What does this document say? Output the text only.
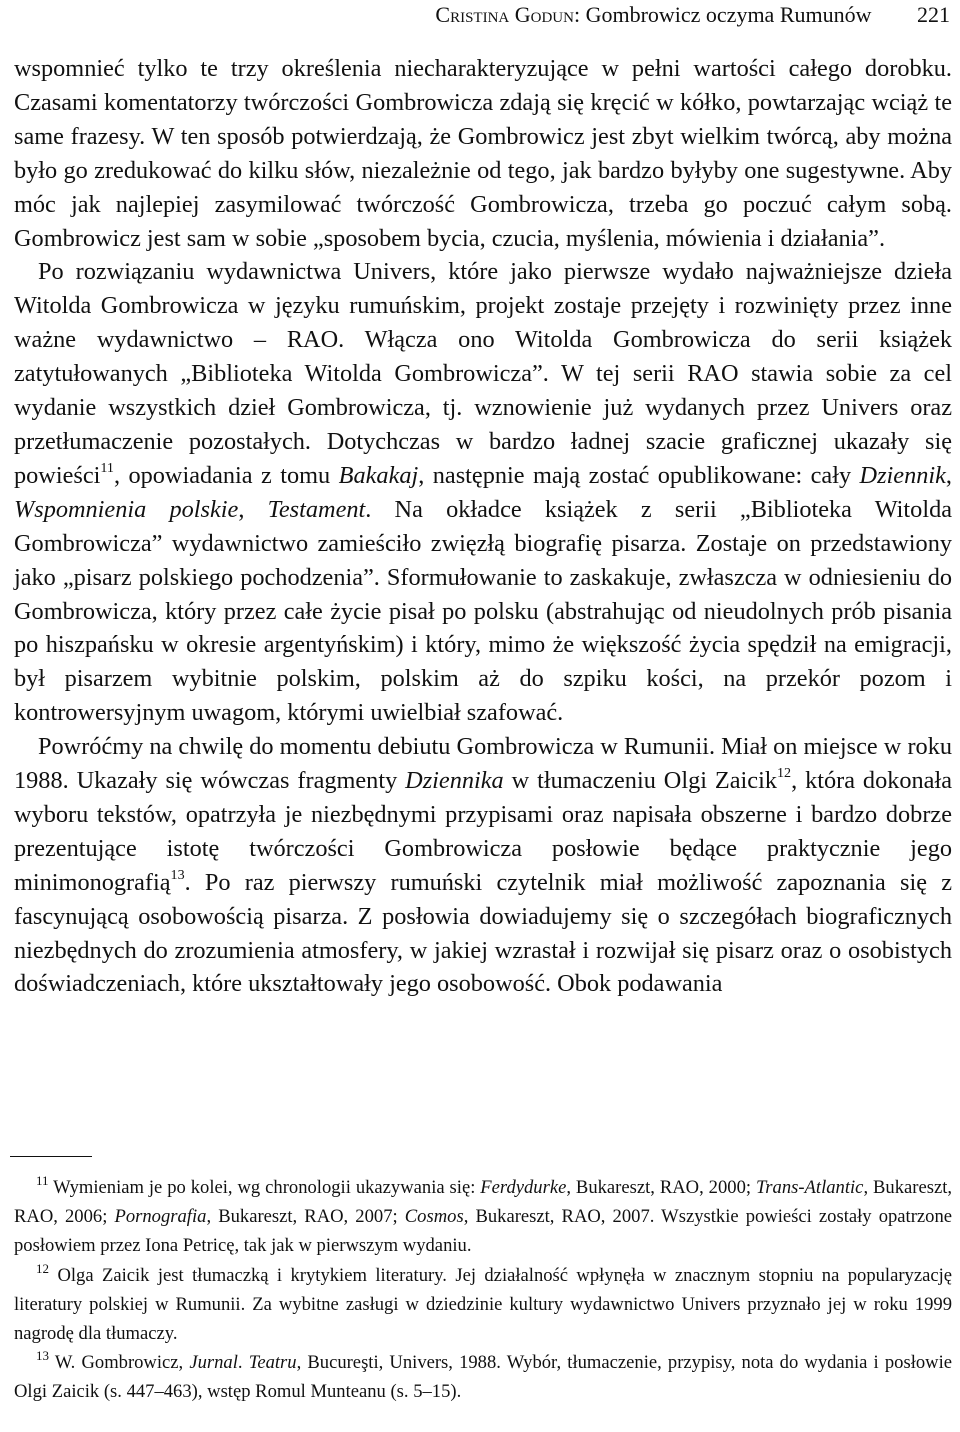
Cristina Godun: Gombrowicz oczyma Rumunów 221

wspomnieć tylko te trzy określenia niecharakteryzujące w pełni wartości całego dorobku. Czasami komentatorzy twórczości Gombrowicza zdają się kręcić w kółko, powtarzając wciąż te same frazesy. W ten sposób potwierdzają, że Gombrowicz jest zbyt wielkim twórcą, aby można było go zredukować do kilku słów, niezależnie od tego, jak bardzo byłyby one sugestywne. Aby móc jak najlepiej zasymilować twórczość Gombrowicza, trzeba go poczuć całym sobą. Gombrowicz jest sam w sobie „sposobem bycia, czucia, myślenia, mówienia i działania”.

Po rozwiązaniu wydawnictwa Univers, które jako pierwsze wydało najważniejsze dzieła Witolda Gombrowicza w języku rumuńskim, projekt zostaje przejęty i rozwinięty przez inne ważne wydawnictwo – RAO. Włącza ono Witolda Gombrowicza do serii książek zatytułowanych „Biblioteka Witolda Gombrowicza”. W tej serii RAO stawia sobie za cel wydanie wszystkich dzieł Gombrowicza, tj. wznowienie już wydanych przez Univers oraz przetłumaczenie pozostałych. Dotychczas w bardzo ładnej szacie graficznej ukazały się powieści$^{11}$, opowiadania z tomu Bakakaj, następnie mają zostać opublikowane: cały Dziennik, Wspomnienia polskie, Testament. Na okładce książek z serii „Biblioteka Witolda Gombrowicza” wydawnictwo zamieściło zwięzłą biografię pisarza. Zostaje on przedstawiony jako „pisarz polskiego pochodzenia”. Sformułowanie to zaskakuje, zwłaszcza w odniesieniu do Gombrowicza, który przez całe życie pisał po polsku (abstrahując od nieudolnych prób pisania po hiszpańsku w okresie argentyńskim) i który, mimo że większość życia spędził na emigracji, był pisarzem wybitnie polskim, polskim aż do szpiku kości, na przekór pozom i kontrowersyjnym uwagom, którymi uwielbiał szafować.

Powróćmy na chwilę do momentu debiutu Gombrowicza w Rumunii. Miał on miejsce w roku 1988. Ukazały się wówczas fragmenty Dziennika w tłumaczeniu Olgi Zaicik$^{12}$, która dokonała wyboru tekstów, opatrzyła je niezbędnymi przypisami oraz napisała obszerne i bardzo dobrze prezentujące istotę twórczości Gombrowicza posłowie będące praktycznie jego minimonografią$^{13}$. Po raz pierwszy rumuński czytelnik miał możliwość zapoznania się z fascynującą osobowością pisarza. Z posłowia dowiadujemy się o szczegółach biograficznych niezbędnych do zrozumienia atmosfery, w jakiej wzrastał i rozwijał się pisarz oraz o osobistych doświadczeniach, które ukształtowały jego osobowość. Obok podawania

$^{11}$ Wymieniam je po kolei, wg chronologii ukazywania się: Ferdydurke, Bukareszt, RAO, 2000; Trans-Atlantic, Bukareszt, RAO, 2006; Pornografia, Bukareszt, RAO, 2007; Cosmos, Bukareszt, RAO, 2007. Wszystkie powieści zostały opatrzone posłowiem przez Iona Petricę, tak jak w pierwszym wydaniu.

$^{12}$ Olga Zaicik jest tłumaczką i krytykiem literatury. Jej działalność wpłynęła w znacznym stopniu na popularyzację literatury polskiej w Rumunii. Za wybitne zasługi w dziedzinie kultury wydawnictwo Univers przyznało jej w roku 1999 nagrodę dla tłumaczy.

$^{13}$ W. Gombrowicz, Jurnal. Teatru, Bucureşti, Univers, 1988. Wybór, tłumaczenie, przypisy, nota do wydania i posłowie Olgi Zaicik (s. 447–463), wstęp Romul Munteanu (s. 5–15).
